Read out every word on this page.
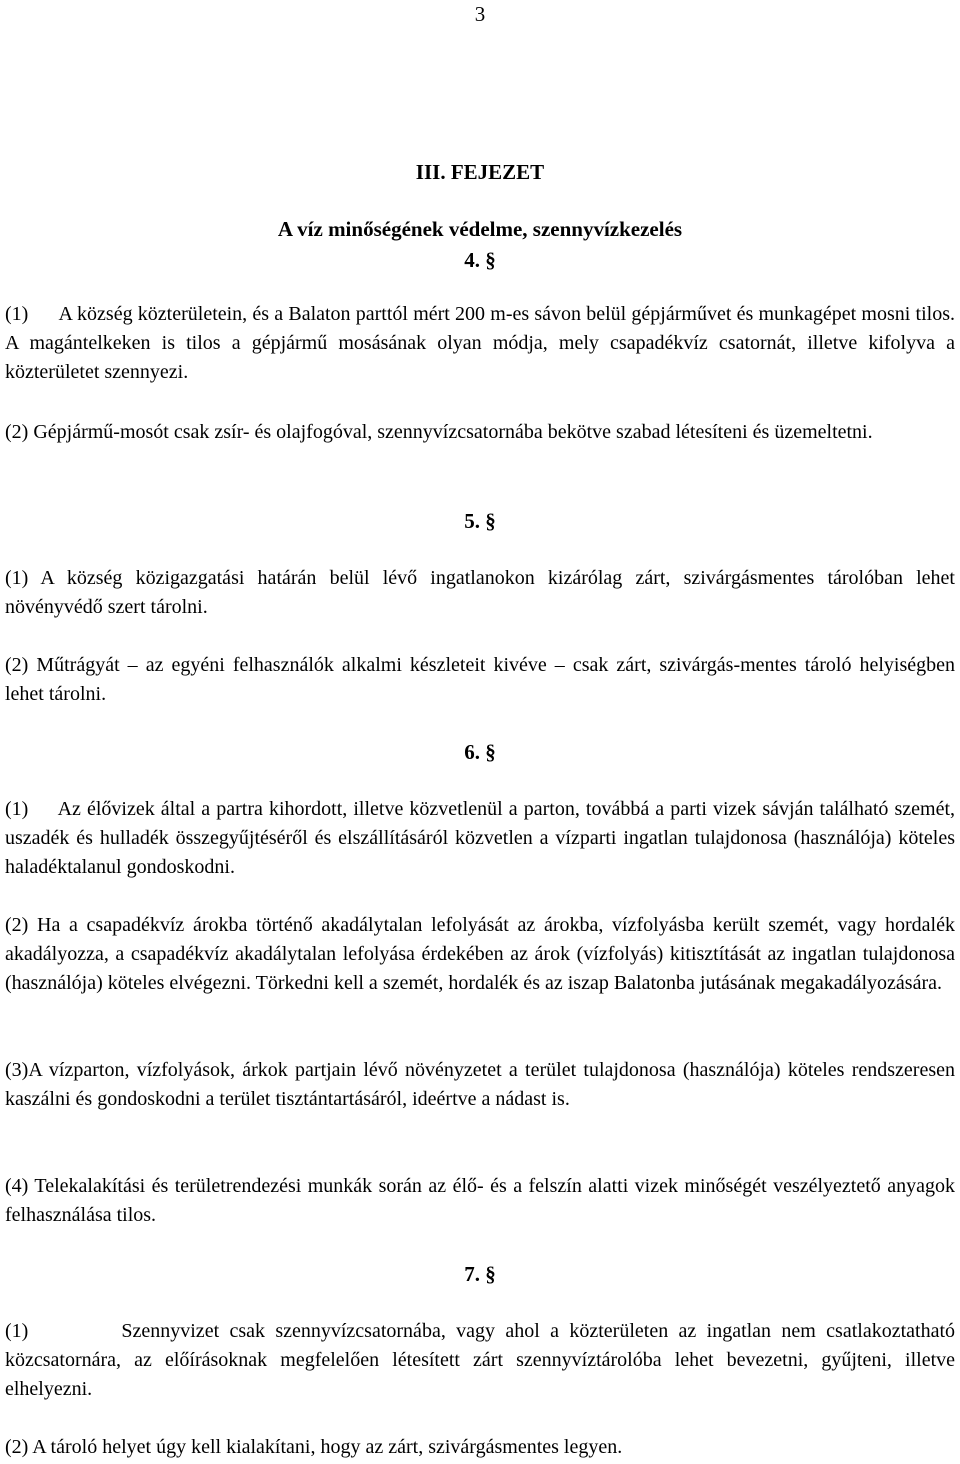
3
III. FEJEZET
A víz minőségének védelme, szennyvízkezelés
4. §

(1)      A község közterületein, és a Balaton parttól mért 200 m-es sávon belül gépjárművet és munkagépet mosni tilos. A magántelkeken is tilos a gépjármű mosásának olyan módja, mely csapadékvíz csatornát, illetve kifolyva a közterületet szennyezi.

(2) Gépjármű-mosót csak zsír- és olajfogóval, szennyvízcsatornába bekötve szabad létesíteni és üzemeltetni.

5. §

(1) A község közigazgatási határán belül lévő ingatlanokon kizárólag zárt, szivárgásmentes tárolóban lehet növényvédő szert tárolni.

(2) Műtrágyát – az egyéni felhasználók alkalmi készleteit kivéve – csak zárt, szivárgás-mentes tároló helyiségben lehet tárolni.

6. §

(1)     Az élővizek által a partra kihordott, illetve közvetlenül a parton, továbbá a parti vizek sávján található szemét, uszadék és hulladék összegyűjtéséről és elszállításáról közvetlen a vízparti ingatlan tulajdonosa (használója) köteles haladéktalanul gondoskodni.

(2) Ha a csapadékvíz árokba történő akadálytalan lefolyását az árokba, vízfolyásba került szemét, vagy hordalék akadályozza, a csapadékvíz akadálytalan lefolyása érdekében az árok (vízfolyás) kitisztítását az ingatlan tulajdonosa (használója) köteles elvégezni. Törkedni kell a szemét, hordalék és az iszap Balatonba jutásának megakadályozására.

(3)A vízparton, vízfolyások, árkok partjain lévő növényzetet a terület tulajdonosa (használója) köteles rendszeresen kaszálni és gondoskodni a terület tisztántartásáról, ideértve a nádast is.

(4) Telekalakítási és területrendezési munkák során az élő- és a felszín alatti vizek minőségét veszélyeztető anyagok felhasználása tilos.

7. §

(1)         Szennyvizet csak szennyvízcsatornába, vagy ahol a közterületen az ingatlan nem csatlakoztatható közcsatornára, az előírásoknak megfelelően létesített zárt szennyvíztárolóba lehet bevezetni, gyűjteni, illetve elhelyezni.

(2) A tároló helyet úgy kell kialakítani, hogy az zárt, szivárgásmentes legyen.
